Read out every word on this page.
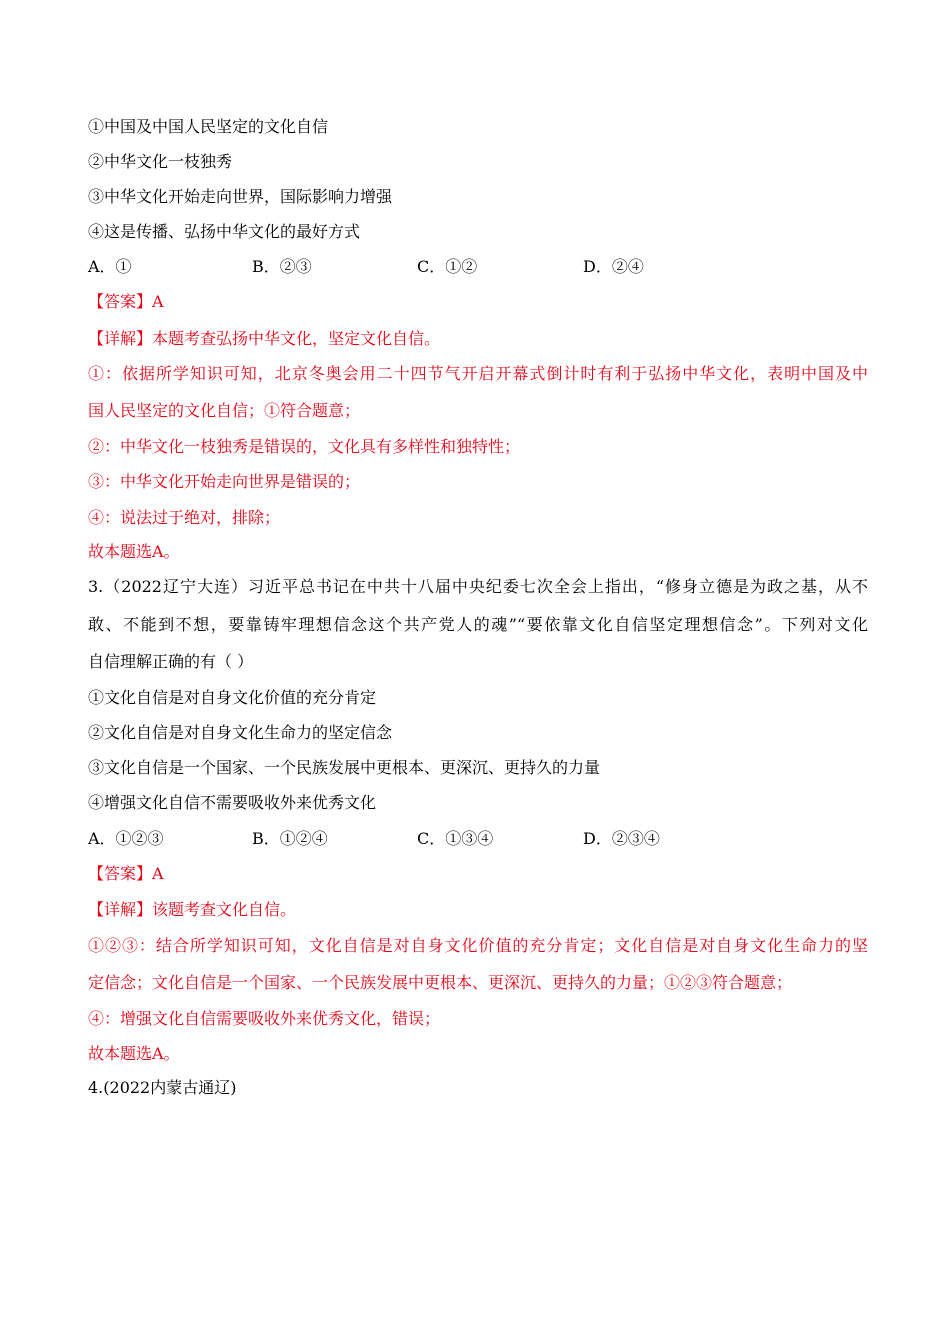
①中国及中国人民坚定的文化自信
②中华文化一枝独秀
③中华文化开始走向世界，国际影响力增强
④这是传播、弘扬中华文化的最好方式
A．①	B．②③	C．①②	D．②④
【答案】A
【详解】本题考查弘扬中华文化，坚定文化自信。
①：依据所学知识可知，北京冬奥会用二十四节气开启开幕式倒计时有利于弘扬中华文化，表明中国及中
国人民坚定的文化自信；①符合题意；
②：中华文化一枝独秀是错误的，文化具有多样性和独特性；
③：中华文化开始走向世界是错误的；
④：说法过于绝对，排除；
故本题选A。
3.（2022辽宁大连）习近平总书记在中共十八届中央纪委七次全会上指出，“修身立德是为政之基，从不
敢、不能到不想，要靠铸牢理想信念这个共产党人的魂”“要依靠文化自信坚定理想信念”。下列对文化
自信理解正确的有（ ）
①文化自信是对自身文化价值的充分肯定
②文化自信是对自身文化生命力的坚定信念
③文化自信是一个国家、一个民族发展中更根本、更深沉、更持久的力量
④增强文化自信不需要吸收外来优秀文化
A．①②③	B．①②④	C．①③④	D．②③④
【答案】A
【详解】该题考查文化自信。
①②③：结合所学知识可知，文化自信是对自身文化价值的充分肯定；文化自信是对自身文化生命力的坚
定信念；文化自信是一个国家、一个民族发展中更根本、更深沉、更持久的力量；①②③符合题意；
④：增强文化自信需要吸收外来优秀文化，错误；
故本题选A。
4.(2022内蒙古通辽)
